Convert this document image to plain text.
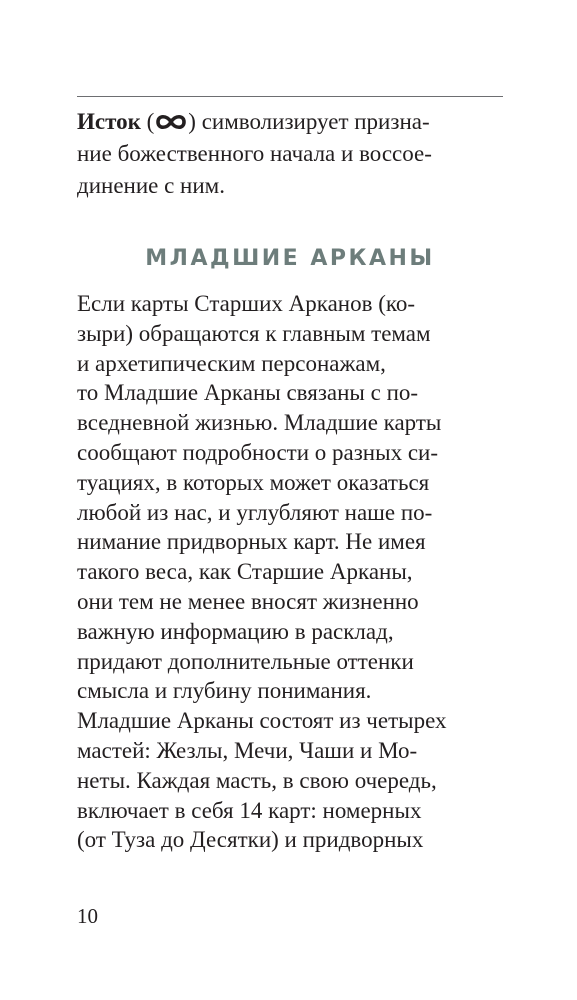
Исток ( ) символизирует призна-
ние божественного начала и воссое-
динение с ним.

МЛАДШИЕ АРКАНЫ

Если карты Старших Арканов (ко-
зыри) обращаются к главным темам
и архетипическим персонажам,
то Младшие Арканы связаны с по-
вседневной жизнью. Младшие карты
сообщают подробности о разных си-
туациях, в которых может оказаться
любой из нас, и углубляют наше по-
нимание придворных карт. Не имея
такого веса, как Старшие Арканы,
они тем не менее вносят жизненно
важную информацию в расклад,
придают дополнительные оттенки
смысла и глубину понимания.
Младшие Арканы состоят из четырех
мастей: Жезлы, Мечи, Чаши и Мо-
неты. Каждая масть, в свою очередь,
включает в себя 14 карт: номерных
(от Туза до Десятки) и придворных

10
